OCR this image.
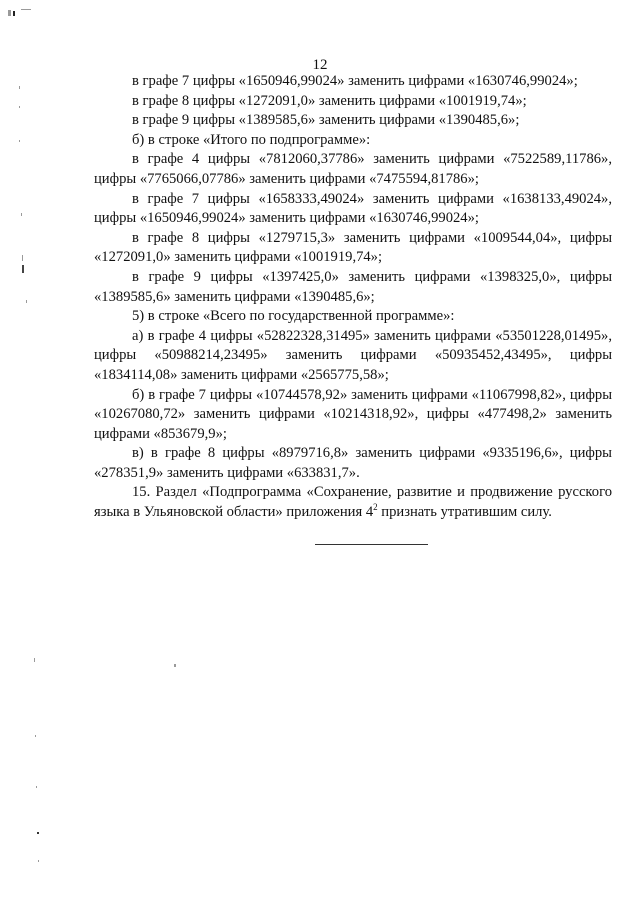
12

в графе 7 цифры «1650946,99024» заменить цифрами «1630746,99024»;

в графе 8 цифры «1272091,0» заменить цифрами «1001919,74»;

в графе 9 цифры «1389585,6» заменить цифрами «1390485,6»;

б) в строке «Итого по подпрограмме»:

в графе 4 цифры «7812060,37786» заменить цифрами «7522589,11786», цифры «7765066,07786» заменить цифрами «7475594,81786»;

в графе 7 цифры «1658333,49024» заменить цифрами «1638133,49024», цифры «1650946,99024» заменить цифрами «1630746,99024»;

в графе 8 цифры «1279715,3» заменить цифрами «1009544,04», цифры «1272091,0» заменить цифрами «1001919,74»;

в графе 9 цифры «1397425,0» заменить цифрами «1398325,0», цифры «1389585,6» заменить цифрами «1390485,6»;

5) в строке «Всего по государственной программе»:

а) в графе 4 цифры «52822328,31495» заменить цифрами «53501228,01495», цифры «50988214,23495» заменить цифрами «50935452,43495», цифры «1834114,08» заменить цифрами «2565775,58»;

б) в графе 7 цифры «10744578,92» заменить цифрами «11067998,82», цифры «10267080,72» заменить цифрами «10214318,92», цифры «477498,2» заменить цифрами «853679,9»;

в) в графе 8 цифры «8979716,8» заменить цифрами «9335196,6», цифры «278351,9» заменить цифрами «633831,7».

15. Раздел «Подпрограмма «Сохранение, развитие и продвижение русского языка в Ульяновской области» приложения $4^2$ признать утратившим силу.
